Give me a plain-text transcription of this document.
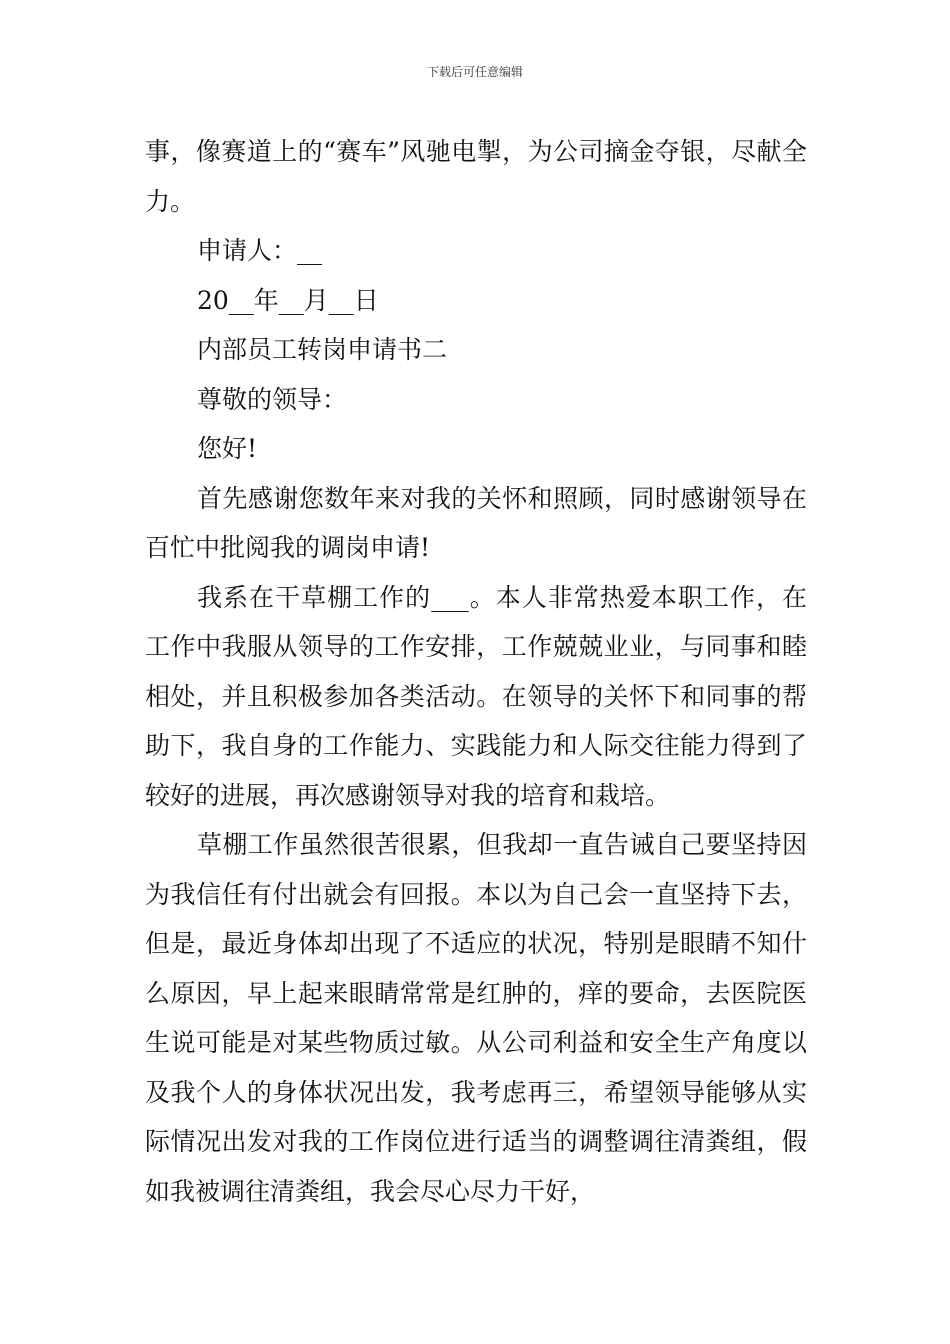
下载后可任意编辑

事，像赛道上的“赛车”风驰电掣，为公司摘金夺银，尽献全力。

申请人：__

20__年__月__日

内部员工转岗申请书二

尊敬的领导：

您好!

首先感谢您数年来对我的关怀和照顾，同时感谢领导在百忙中批阅我的调岗申请!

我系在干草棚工作的___。本人非常热爱本职工作，在工作中我服从领导的工作安排，工作兢兢业业，与同事和睦相处，并且积极参加各类活动。在领导的关怀下和同事的帮助下，我自身的工作能力、实践能力和人际交往能力得到了较好的进展，再次感谢领导对我的培育和栽培。

草棚工作虽然很苦很累，但我却一直告诫自己要坚持因为我信任有付出就会有回报。本以为自己会一直坚持下去，但是，最近身体却出现了不适应的状况，特别是眼睛不知什么原因，早上起来眼睛常常是红肿的，痒的要命，去医院医生说可能是对某些物质过敏。从公司利益和安全生产角度以及我个人的身体状况出发，我考虑再三，希望领导能够从实际情况出发对我的工作岗位进行适当的调整调往清粪组，假如我被调往清粪组，我会尽心尽力干好，
